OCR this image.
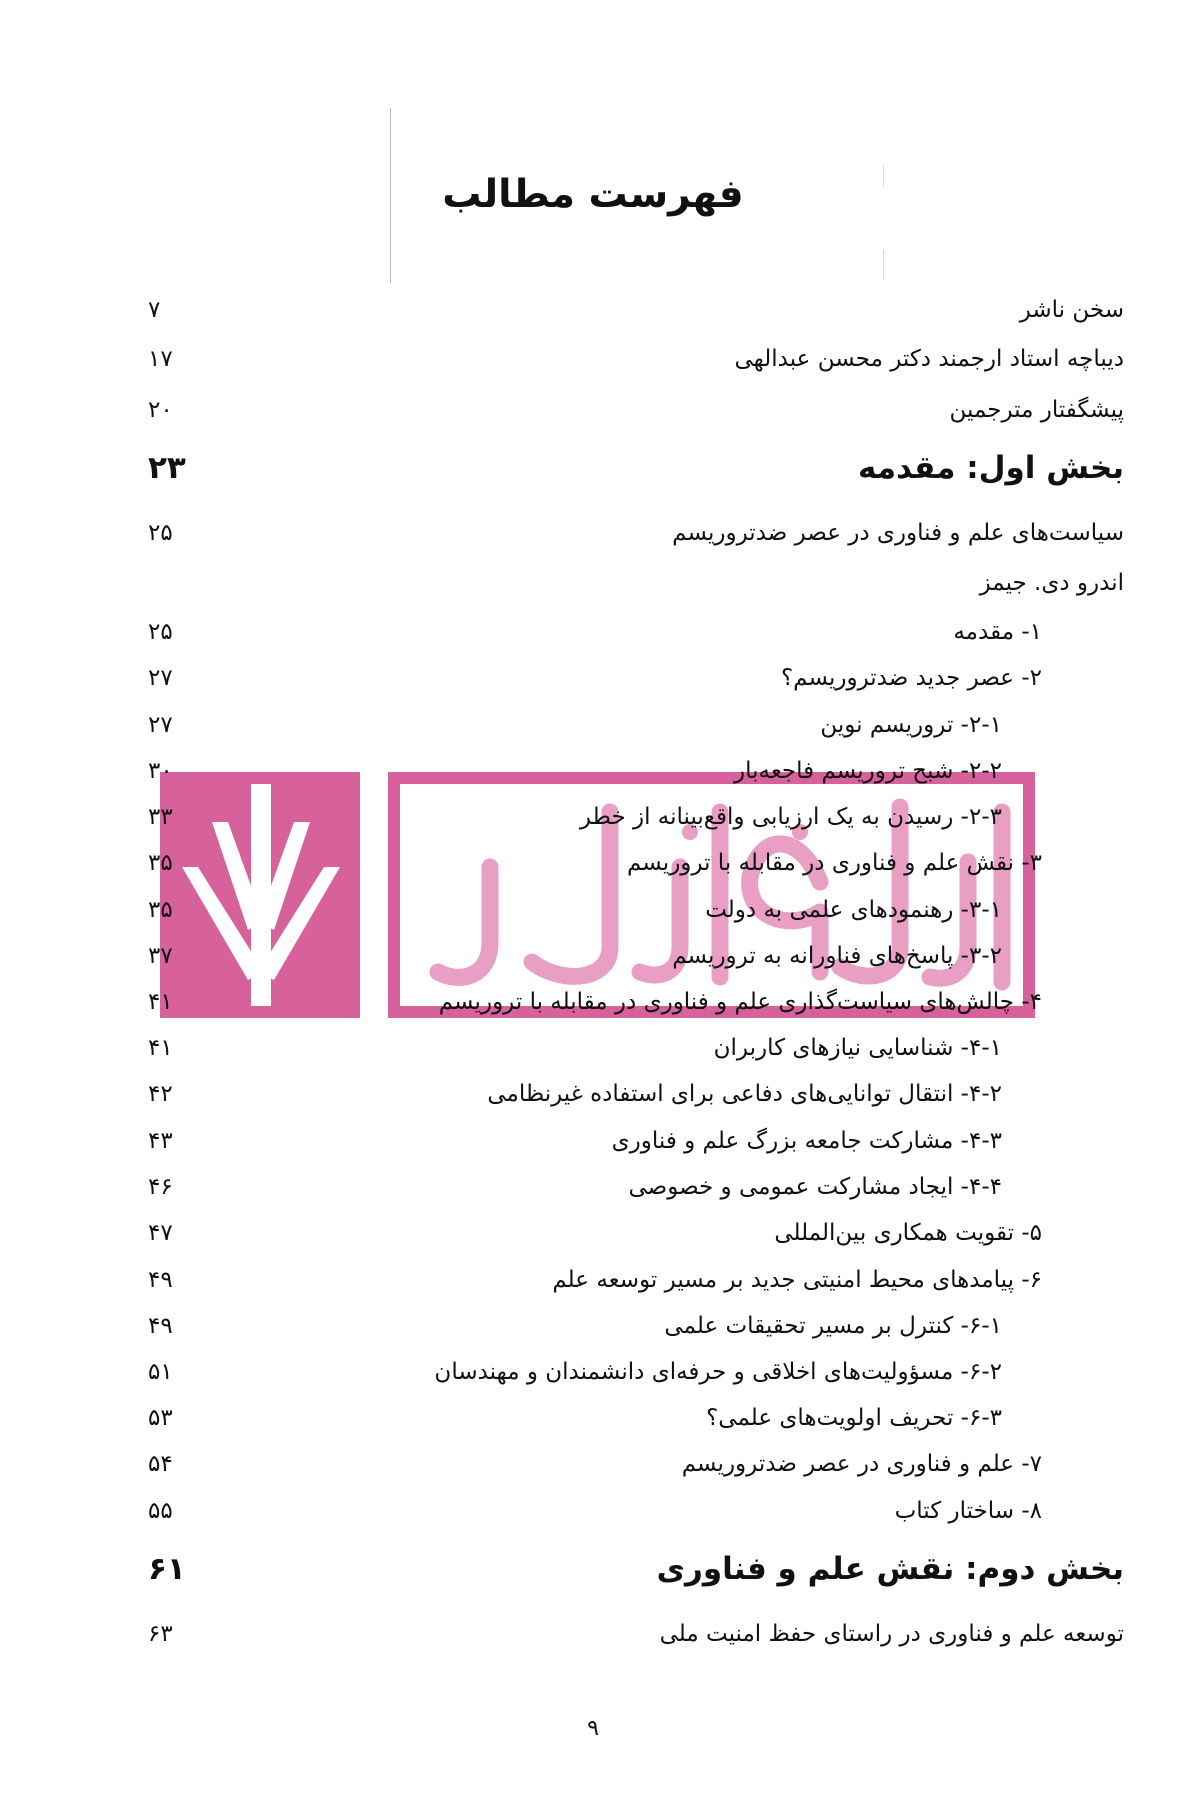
فهرست مطالب
سخن ناشر
۷
دیباچه استاد ارجمند دکتر محسن عبدالهی
۱۷
پیشگفتار مترجمین
۲۰
بخش اول: مقدمه
۲۳
سیاست‌های علم و فناوری در عصر ضدتروریسم
۲۵
اندرو دی. جیمز
۱- مقدمه
۲۵
۲- عصر جدید ضدتروریسم؟
۲۷
۲-۱- تروریسم نوین
۲۷
۲-۲- شبح تروریسم فاجعه‌بار
۳۰
۲-۳- رسیدن به یک ارزیابی واقع‌بینانه از خطر
۳۳
۳- نقش علم و فناوری در مقابله با تروریسم
۳۵
۳-۱- رهنمودهای علمی به دولت
۳۵
۳-۲- پاسخ‌های فناورانه به تروریسم
۳۷
۴- چالش‌های سیاست‌گذاری علم و فناوری در مقابله با تروریسم
۴۱
۴-۱- شناسایی نیازهای کاربران
۴۱
۴-۲- انتقال توانایی‌های دفاعی برای استفاده غیرنظامی
۴۲
۴-۳- مشارکت جامعه بزرگ علم و فناوری
۴۳
۴-۴- ایجاد مشارکت عمومی و خصوصی
۴۶
۵- تقویت همکاری بین‌المللی
۴۷
۶- پیامدهای محیط امنیتی جدید بر مسیر توسعه علم
۴۹
۶-۱- کنترل بر مسیر تحقیقات علمی
۴۹
۶-۲- مسؤولیت‌های اخلاقی و حرفه‌ای دانشمندان و مهندسان
۵۱
۶-۳- تحریف اولویت‌های علمی؟
۵۳
۷- علم و فناوری در عصر ضدتروریسم
۵۴
۸- ساختار کتاب
۵۵
بخش دوم: نقش علم و فناوری
۶۱
توسعه علم و فناوری در راستای حفظ امنیت ملی
۶۳
۹
